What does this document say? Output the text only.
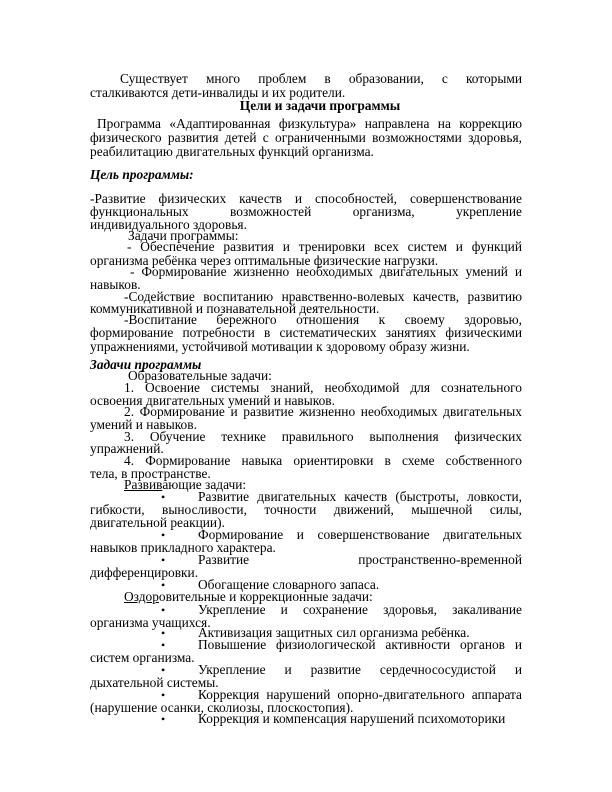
Существует много проблем в образовании, с которыми
сталкиваются дети-инвалиды и их родители.
Цели и задачи программы
Программа «Адаптированная физкультура» направлена на коррекцию
физического развития детей с ограниченными возможностями здоровья,
реабилитацию двигательных функций организма.
Цель программы:
-Развитие физических качеств и способностей, совершенствование
функциональных возможностей организма, укрепление
индивидуального здоровья.
Задачи программы:
- Обеспечение развития и тренировки всех систем и функций
организма ребёнка через оптимальные физические нагрузки.
- Формирование жизненно необходимых двигательных умений и
навыков.
-Содействие воспитанию нравственно-волевых качеств, развитию
коммуникативной и познавательной деятельности.
-Воспитание бережного отношения к своему здоровью,
формирование потребности в систематических занятиях физическими
упражнениями, устойчивой мотивации к здоровому образу жизни.
Задачи программы
Образовательные задачи:
1. Освоение системы знаний, необходимой для сознательного
освоения двигательных умений и навыков.
2. Формирование и развитие жизненно необходимых двигательных
умений и навыков.
3. Обучение технике правильного выполнения физических
упражнений.
4. Формирование навыка ориентировки в схеме собственного
тела, в пространстве.
Развивающие задачи:
• Развитие двигательных качеств (быстроты, ловкости,
гибкости, выносливости, точности движений, мышечной силы,
двигательной реакции).
• Формирование и совершенствование двигательных
навыков прикладного характера.
• Развитие пространственно-временной
дифференцировки.
• Обогащение словарного запаса.
Оздоровительные и коррекционные задачи:
• Укрепление и сохранение здоровья, закаливание
организма учащихся.
• Активизация защитных сил организма ребёнка.
• Повышение физиологической активности органов и
систем организма.
• Укрепление и развитие сердечнососудистой и
дыхательной системы.
• Коррекция нарушений опорно-двигательного аппарата
(нарушение осанки, сколиозы, плоскостопия).
• Коррекция и компенсация нарушений психомоторики
